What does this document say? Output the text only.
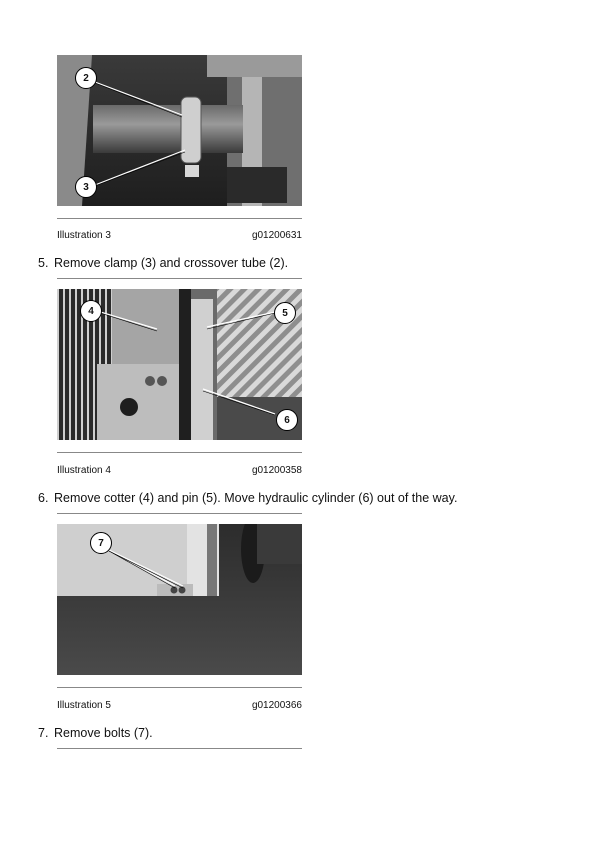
2
3
Illustration 3	g01200631
5. Remove clamp (3) and crossover tube (2).
4	5
6
Illustration 4	g01200358
6. Remove cotter (4) and pin (5). Move hydraulic cylinder (6) out of the way.
7
Illustration 5	g01200366
7. Remove bolts (7).
